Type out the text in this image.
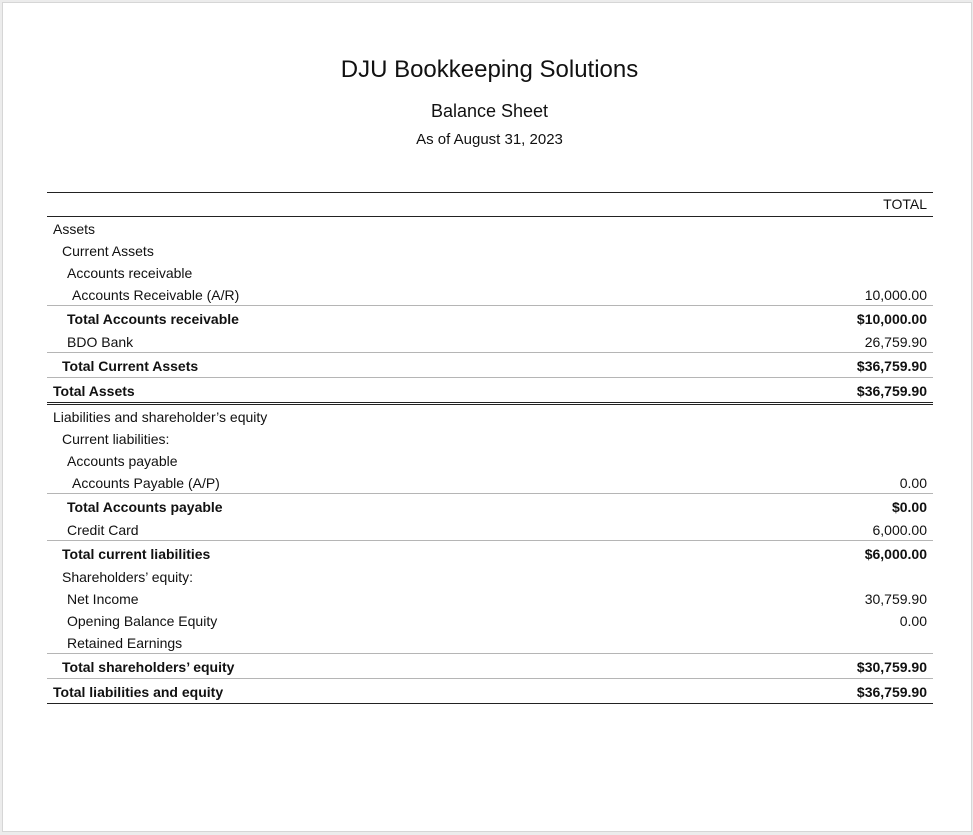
DJU Bookkeeping Solutions
Balance Sheet
As of August 31, 2023
TOTAL
Assets
Current Assets
Accounts receivable
Accounts Receivable (A/R)	10,000.00
Total Accounts receivable	$10,000.00
BDO Bank	26,759.90
Total Current Assets	$36,759.90
Total Assets	$36,759.90
Liabilities and shareholder’s equity
Current liabilities:
Accounts payable
Accounts Payable (A/P)	0.00
Total Accounts payable	$0.00
Credit Card	6,000.00
Total current liabilities	$6,000.00
Shareholders’ equity:
Net Income	30,759.90
Opening Balance Equity	0.00
Retained Earnings
Total shareholders’ equity	$30,759.90
Total liabilities and equity	$36,759.90
